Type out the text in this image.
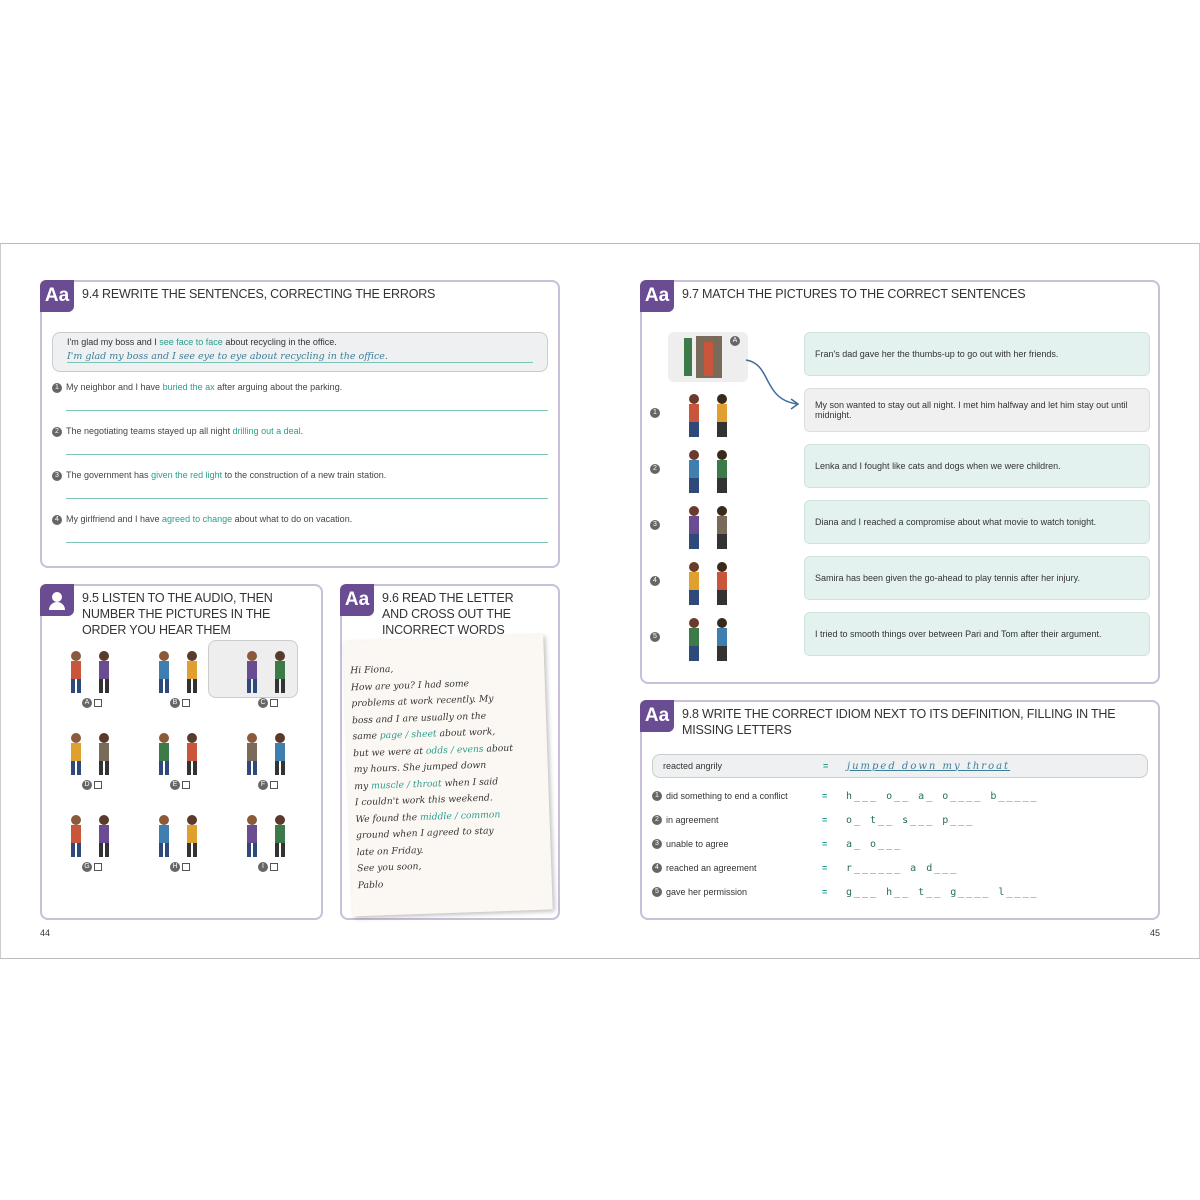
Aa	9.4 REWRITE THE SENTENCES, CORRECTING THE ERRORS
I'm glad my boss and I see face to face about recycling in the office.
I'm glad my boss and I see eye to eye about recycling in the office.
1 My neighbor and I have buried the ax after arguing about the parking.
2 The negotiating teams stayed up all night drilling out a deal.
3 The government has given the red light to the construction of a new train station.
4 My girlfriend and I have agreed to change about what to do on vacation.
9.5 LISTEN TO THE AUDIO, THEN NUMBER THE PICTURES IN THE ORDER YOU HEAR THEM
A	B	C
D	E	F
G	H	I
Aa	9.6 READ THE LETTER AND CROSS OUT THE INCORRECT WORDS
Hi Fiona,
How are you? I had some
problems at work recently. My
boss and I are usually on the
same page / sheet about work,
but we were at odds / evens about
my hours. She jumped down
my muscle / throat when I said
I couldn't work this weekend.
We found the middle / common
ground when I agreed to stay
late on Friday.
See you soon,
Pablo
Aa	9.7 MATCH THE PICTURES TO THE CORRECT SENTENCES
A
1
2
3
4
5
Fran's dad gave her the thumbs-up to go out with her friends.
My son wanted to stay out all night. I met him halfway and let him stay out until midnight.
Lenka and I fought like cats and dogs when we were children.
Diana and I reached a compromise about what movie to watch tonight.
Samira has been given the go-ahead to play tennis after her injury.
I tried to smooth things over between Pari and Tom after their argument.
Aa	9.8 WRITE THE CORRECT IDIOM NEXT TO ITS DEFINITION, FILLING IN THE MISSING LETTERS
reacted angrily	=	jumped down my throat
1 did something to end a conflict	=	h___ o__ a_ o____ b_____
2 in agreement	=	o_ t__ s___ p___
3 unable to agree	=	a_ o___
4 reached an agreement	=	r______ a d___
5 gave her permission	=	g___ h__ t__ g____ l____
44	45
